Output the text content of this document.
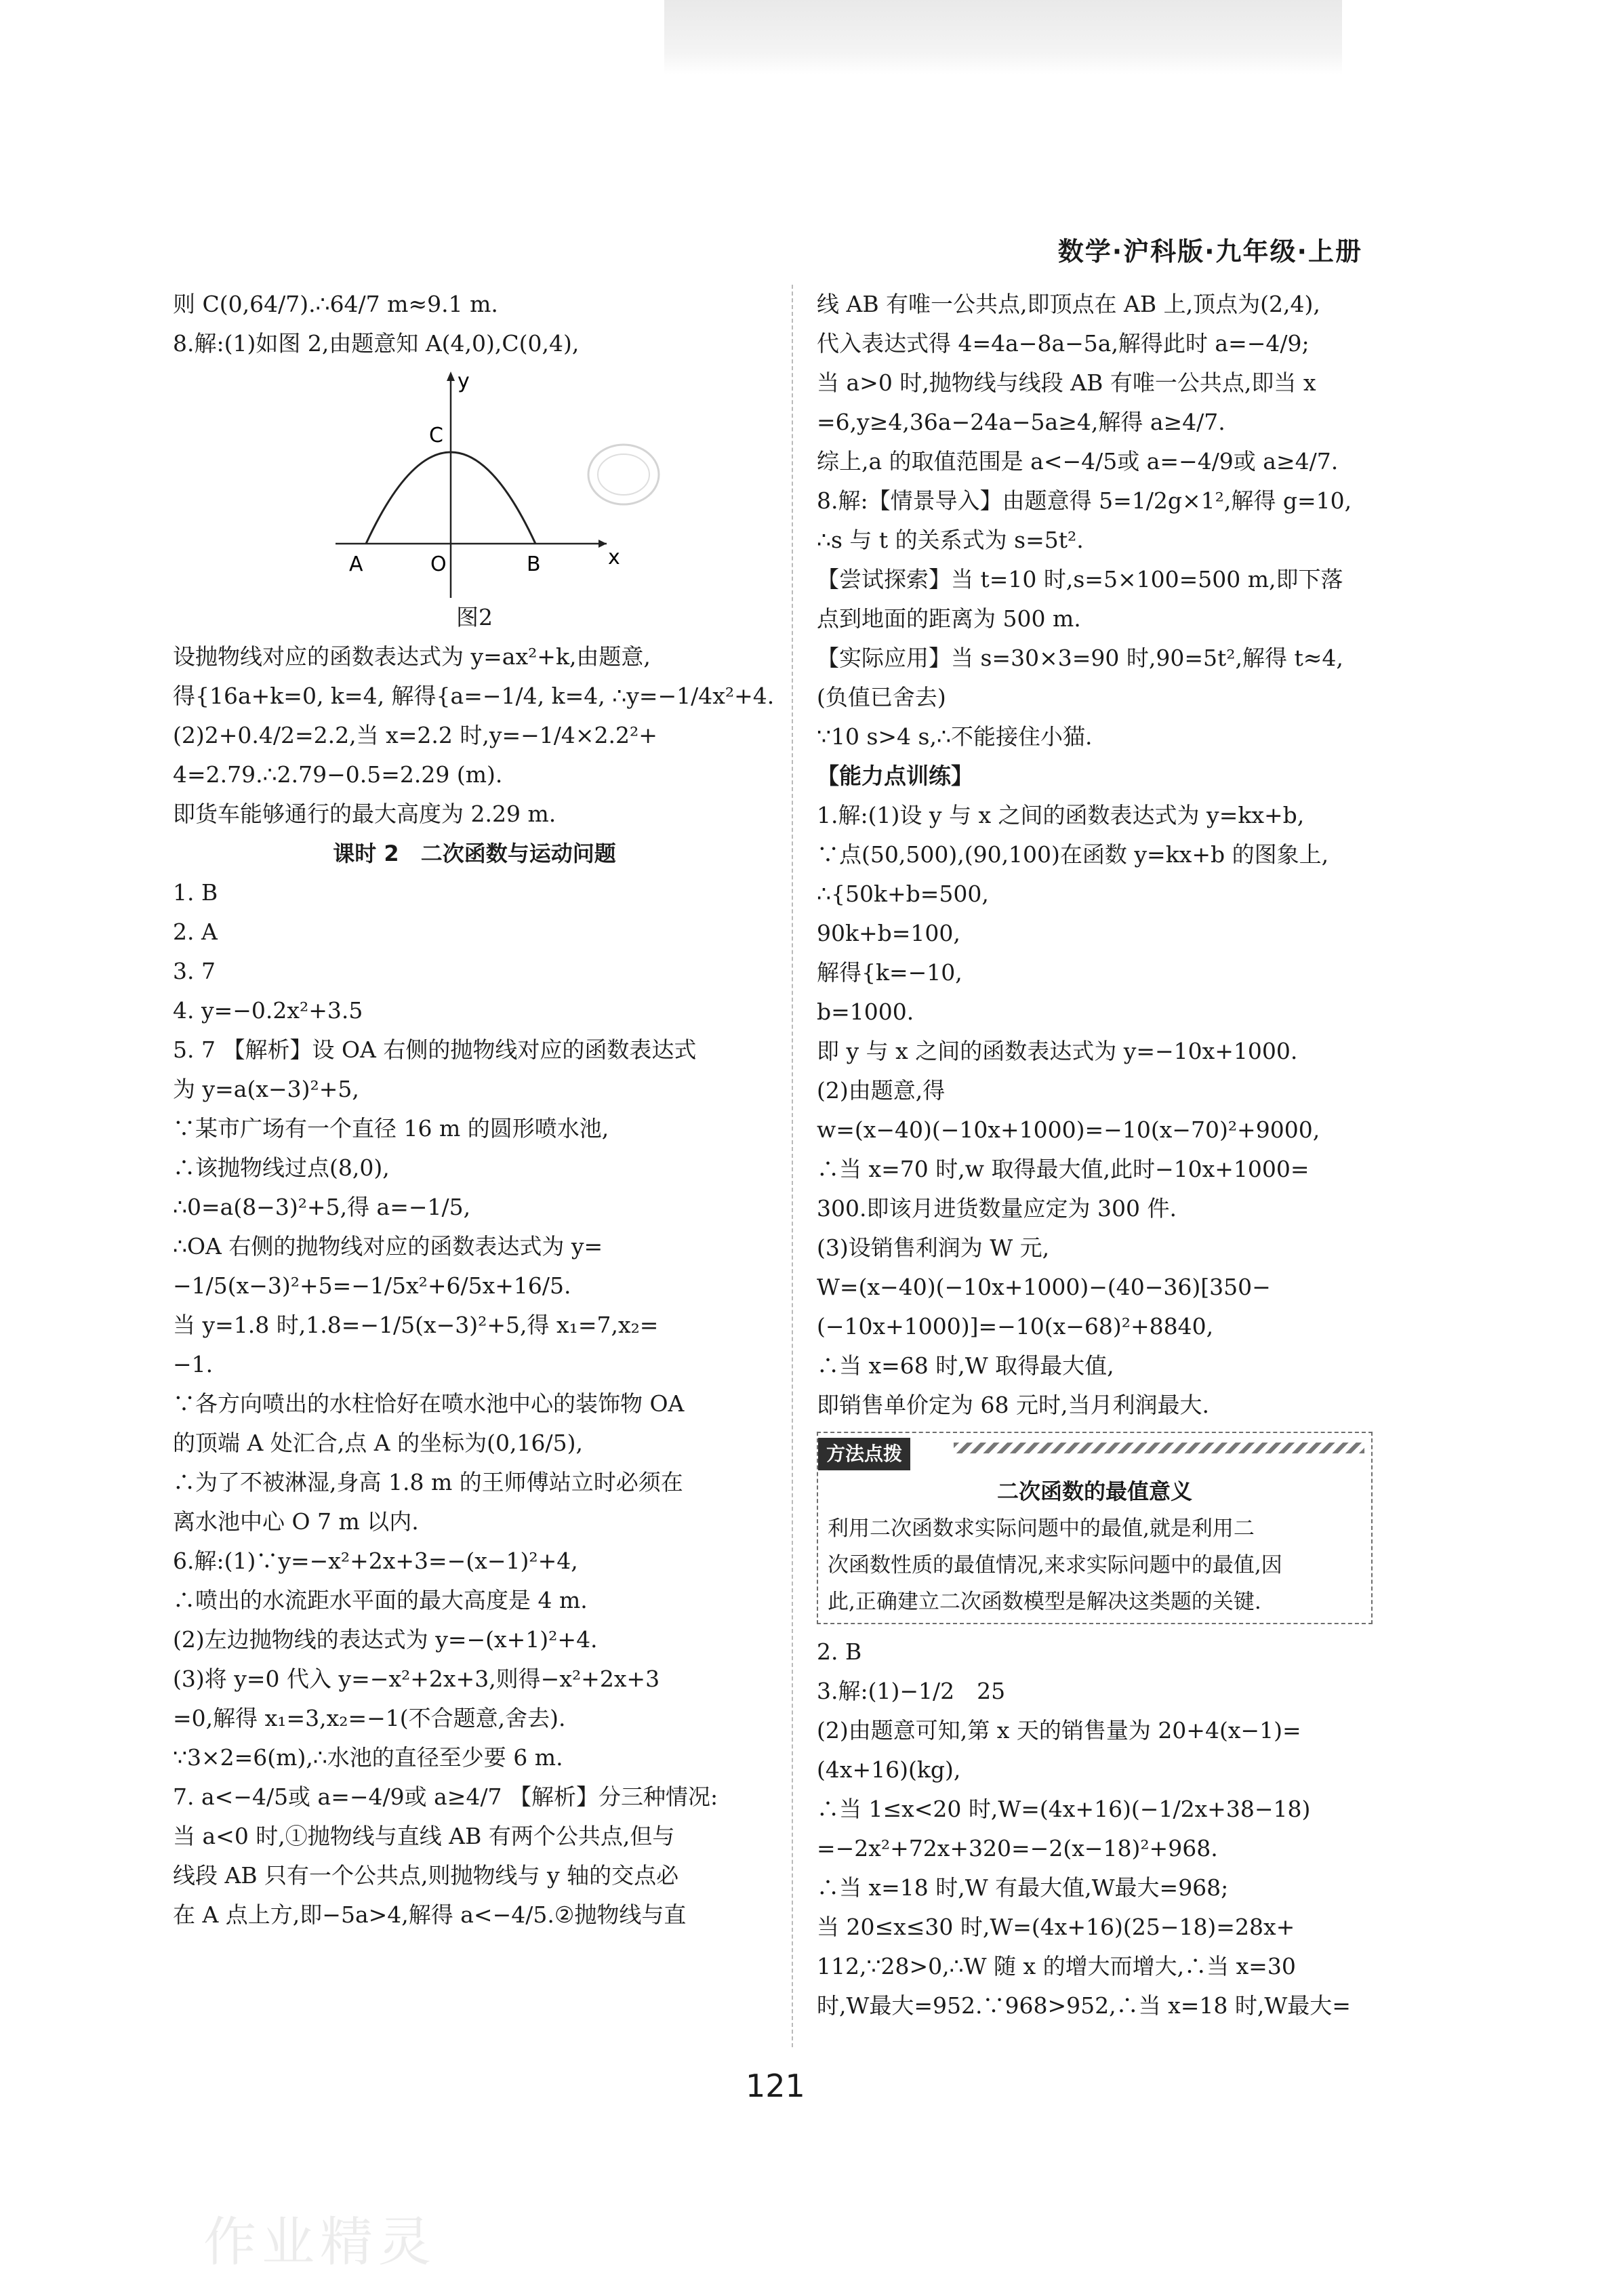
数学·沪科版·九年级·上册
则 C(0,64/7).∴64/7 m≈9.1 m.
8.解:(1)如图 2,由题意知 A(4,0),C(0,4),
y
x
C
A	O	B
图2
设抛物线对应的函数表达式为 y=ax²+k,由题意,
得{16a+k=0, k=4, 解得{a=−1/4, k=4, ∴y=−1/4x²+4.
(2)2+0.4/2=2.2,当 x=2.2 时,y=−1/4×2.2²+
4=2.79.∴2.79−0.5=2.29 (m).
即货车能够通行的最大高度为 2.29 m.
课时 2　二次函数与运动问题
1. B
2. A
3. 7
4. y=−0.2x²+3.5
5. 7 【解析】设 OA 右侧的抛物线对应的函数表达式
为 y=a(x−3)²+5,
∵某市广场有一个直径 16 m 的圆形喷水池,
∴该抛物线过点(8,0),
∴0=a(8−3)²+5,得 a=−1/5,
∴OA 右侧的抛物线对应的函数表达式为 y=
−1/5(x−3)²+5=−1/5x²+6/5x+16/5.
当 y=1.8 时,1.8=−1/5(x−3)²+5,得 x₁=7,x₂=
−1.
∵各方向喷出的水柱恰好在喷水池中心的装饰物 OA
的顶端 A 处汇合,点 A 的坐标为(0,16/5),
∴为了不被淋湿,身高 1.8 m 的王师傅站立时必须在
离水池中心 O 7 m 以内.
6.解:(1)∵y=−x²+2x+3=−(x−1)²+4,
∴喷出的水流距水平面的最大高度是 4 m.
(2)左边抛物线的表达式为 y=−(x+1)²+4.
(3)将 y=0 代入 y=−x²+2x+3,则得−x²+2x+3
=0,解得 x₁=3,x₂=−1(不合题意,舍去).
∵3×2=6(m),∴水池的直径至少要 6 m.
7. a<−4/5或 a=−4/9或 a≥4/7 【解析】分三种情况:
当 a<0 时,①抛物线与直线 AB 有两个公共点,但与
线段 AB 只有一个公共点,则抛物线与 y 轴的交点必
在 A 点上方,即−5a>4,解得 a<−4/5.②抛物线与直
线 AB 有唯一公共点,即顶点在 AB 上,顶点为(2,4),
代入表达式得 4=4a−8a−5a,解得此时 a=−4/9;
当 a>0 时,抛物线与线段 AB 有唯一公共点,即当 x
=6,y≥4,36a−24a−5a≥4,解得 a≥4/7.
综上,a 的取值范围是 a<−4/5或 a=−4/9或 a≥4/7.
8.解:【情景导入】由题意得 5=1/2g×1²,解得 g=10,
∴s 与 t 的关系式为 s=5t².
【尝试探索】当 t=10 时,s=5×100=500 m,即下落
点到地面的距离为 500 m.
【实际应用】当 s=30×3=90 时,90=5t²,解得 t≈4,
(负值已舍去)
∵10 s>4 s,∴不能接住小猫.
【能力点训练】
1.解:(1)设 y 与 x 之间的函数表达式为 y=kx+b,
∵点(50,500),(90,100)在函数 y=kx+b 的图象上,
∴{50k+b=500,
90k+b=100,
解得{k=−10,
b=1000.
即 y 与 x 之间的函数表达式为 y=−10x+1000.
(2)由题意,得
w=(x−40)(−10x+1000)=−10(x−70)²+9000,
∴当 x=70 时,w 取得最大值,此时−10x+1000=
300.即该月进货数量应定为 300 件.
(3)设销售利润为 W 元,
W=(x−40)(−10x+1000)−(40−36)[350−
(−10x+1000)]=−10(x−68)²+8840,
∴当 x=68 时,W 取得最大值,
即销售单价定为 68 元时,当月利润最大.
方法点拨
二次函数的最值意义
利用二次函数求实际问题中的最值,就是利用二
次函数性质的最值情况,来求实际问题中的最值,因
此,正确建立二次函数模型是解决这类题的关键.
2. B
3.解:(1)−1/2　25
(2)由题意可知,第 x 天的销售量为 20+4(x−1)=
(4x+16)(kg),
∴当 1≤x<20 时,W=(4x+16)(−1/2x+38−18)
=−2x²+72x+320=−2(x−18)²+968.
∴当 x=18 时,W 有最大值,W最大=968;
当 20≤x≤30 时,W=(4x+16)(25−18)=28x+
112,∵28>0,∴W 随 x 的增大而增大,∴当 x=30
时,W最大=952.∵968>952,∴当 x=18 时,W最大=
121
作业精灵
